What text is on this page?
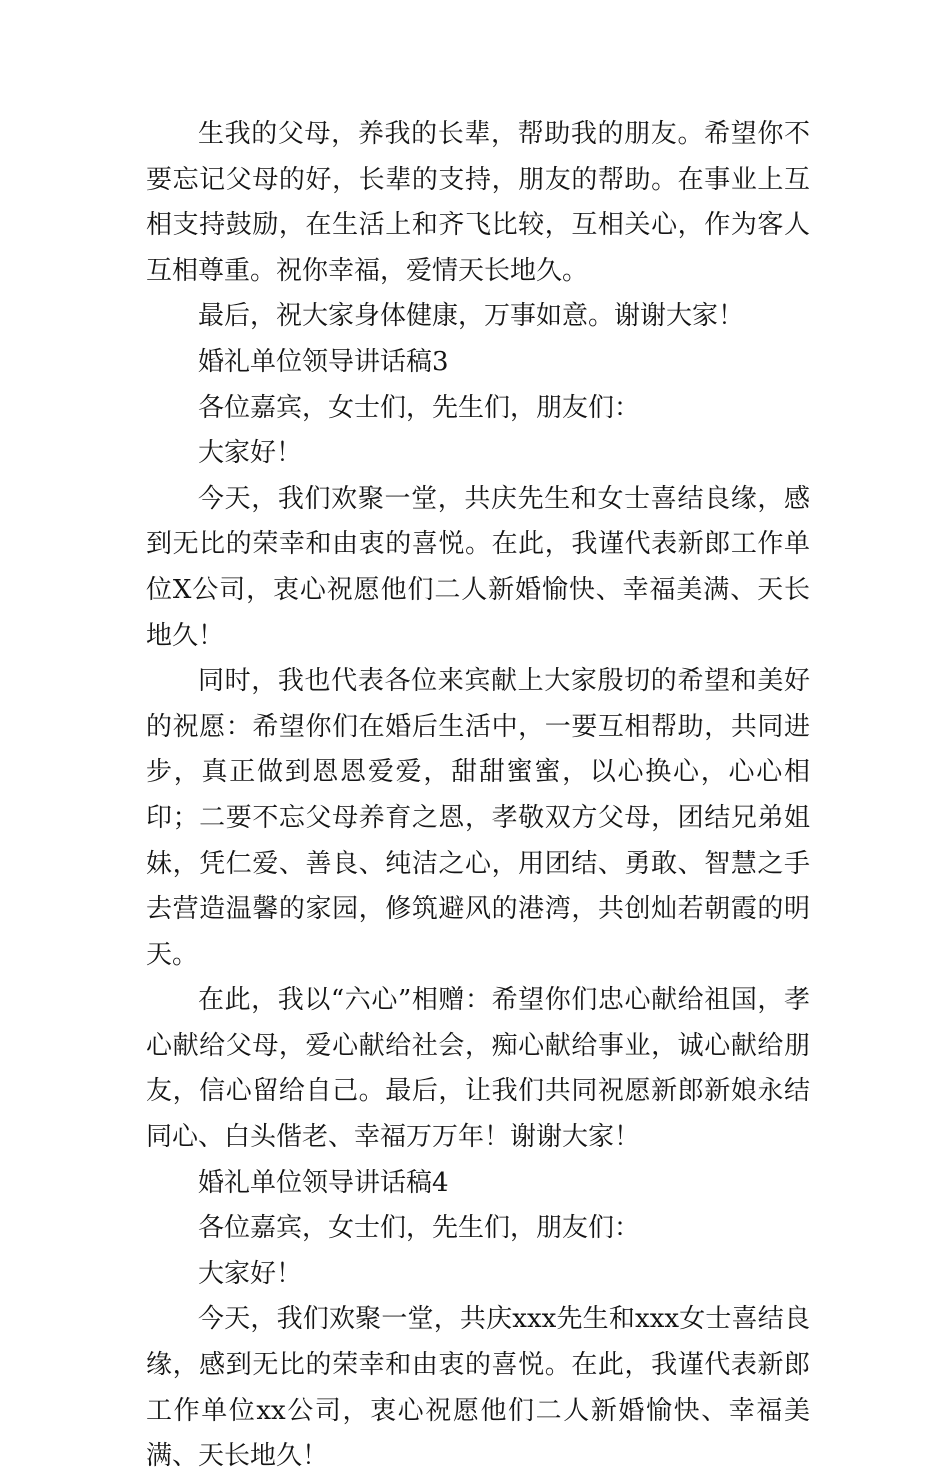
生我的父母，养我的长辈，帮助我的朋友。希望你不要忘记父母的好，长辈的支持，朋友的帮助。在事业上互相支持鼓励，在生活上和齐飞比较，互相关心，作为客人互相尊重。祝你幸福，爱情天长地久。

最后，祝大家身体健康，万事如意。谢谢大家！

婚礼单位领导讲话稿3

各位嘉宾，女士们，先生们，朋友们：

大家好！

今天，我们欢聚一堂，共庆先生和女士喜结良缘，感到无比的荣幸和由衷的喜悦。在此，我谨代表新郎工作单位X公司，衷心祝愿他们二人新婚愉快、幸福美满、天长地久！

同时，我也代表各位来宾献上大家殷切的希望和美好的祝愿：希望你们在婚后生活中，一要互相帮助，共同进步，真正做到恩恩爱爱，甜甜蜜蜜，以心换心，心心相印；二要不忘父母养育之恩，孝敬双方父母，团结兄弟姐妹，凭仁爱、善良、纯洁之心，用团结、勇敢、智慧之手去营造温馨的家园，修筑避风的港湾，共创灿若朝霞的明天。

在此，我以“六心”相赠：希望你们忠心献给祖国，孝心献给父母，爱心献给社会，痴心献给事业，诚心献给朋友，信心留给自己。最后，让我们共同祝愿新郎新娘永结同心、白头偕老、幸福万万年！谢谢大家！

婚礼单位领导讲话稿4

各位嘉宾，女士们，先生们，朋友们：

大家好！

今天，我们欢聚一堂，共庆xxx先生和xxx女士喜结良缘，感到无比的荣幸和由衷的喜悦。在此，我谨代表新郎工作单位xx公司，衷心祝愿他们二人新婚愉快、幸福美满、天长地久！
